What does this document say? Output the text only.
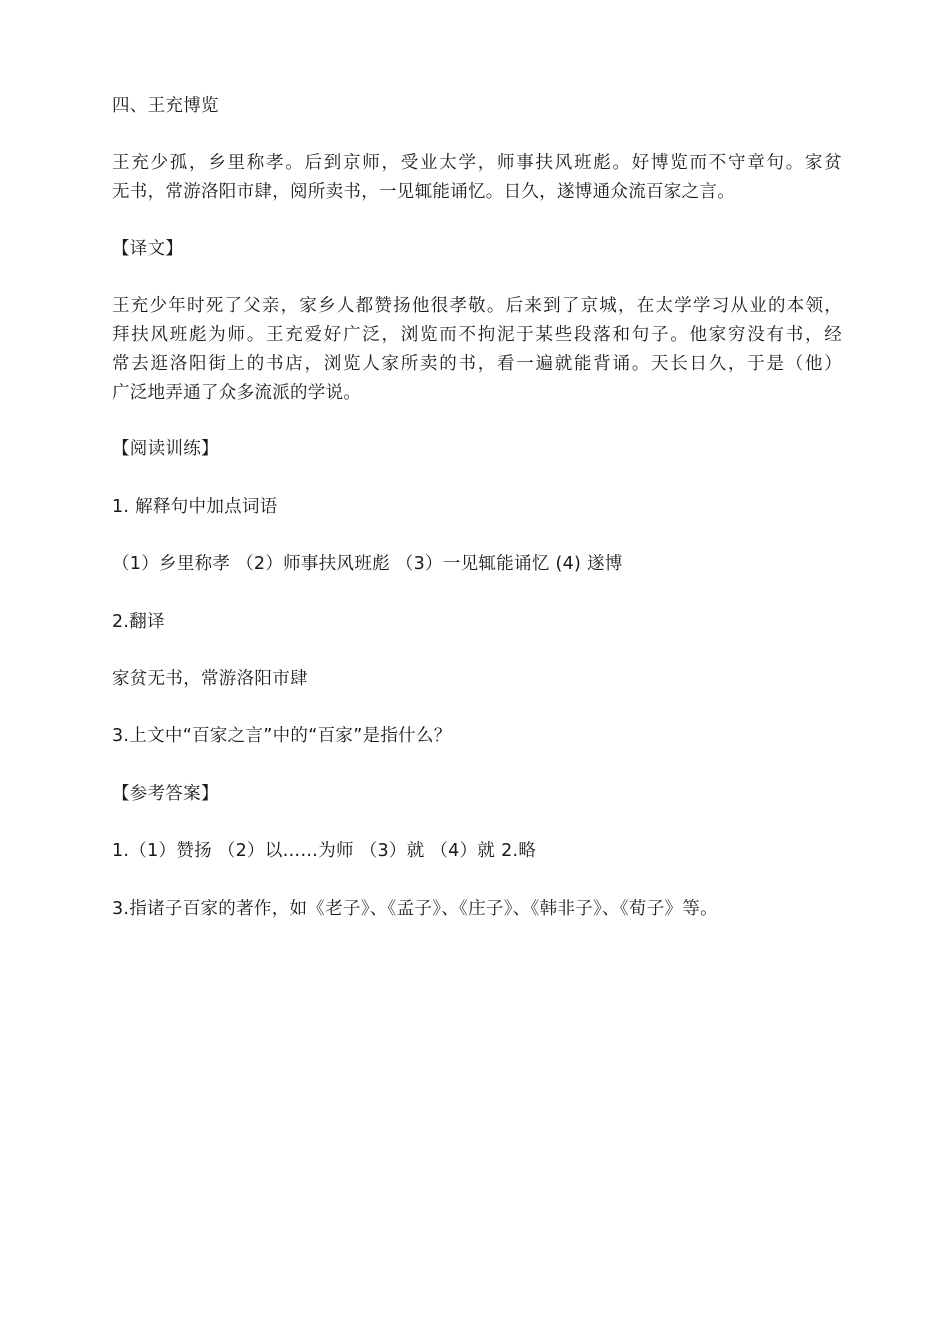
四、王充博览
王充少孤，乡里称孝。后到京师，受业太学，师事扶风班彪。好博览而不守章句。家贫
无书，常游洛阳市肆，阅所卖书，一见辄能诵忆。日久，遂博通众流百家之言。
【译文】
王充少年时死了父亲，家乡人都赞扬他很孝敬。后来到了京城，在太学学习从业的本领，
拜扶风班彪为师。王充爱好广泛，浏览而不拘泥于某些段落和句子。他家穷没有书，经
常去逛洛阳街上的书店，浏览人家所卖的书，看一遍就能背诵。天长日久，于是（他）
广泛地弄通了众多流派的学说。
【阅读训练】
1. 解释句中加点词语
（1）乡里称孝 （2）师事扶风班彪 （3）一见辄能诵忆 (4) 遂博
2.翻译
家贫无书，常游洛阳市肆
3.上文中“百家之言”中的“百家”是指什么？
【参考答案】
1.（1）赞扬 （2）以……为师 （3）就 （4）就 2.略
3.指诸子百家的著作，如《老子》、《孟子》、《庄子》、《韩非子》、《荀子》等。
